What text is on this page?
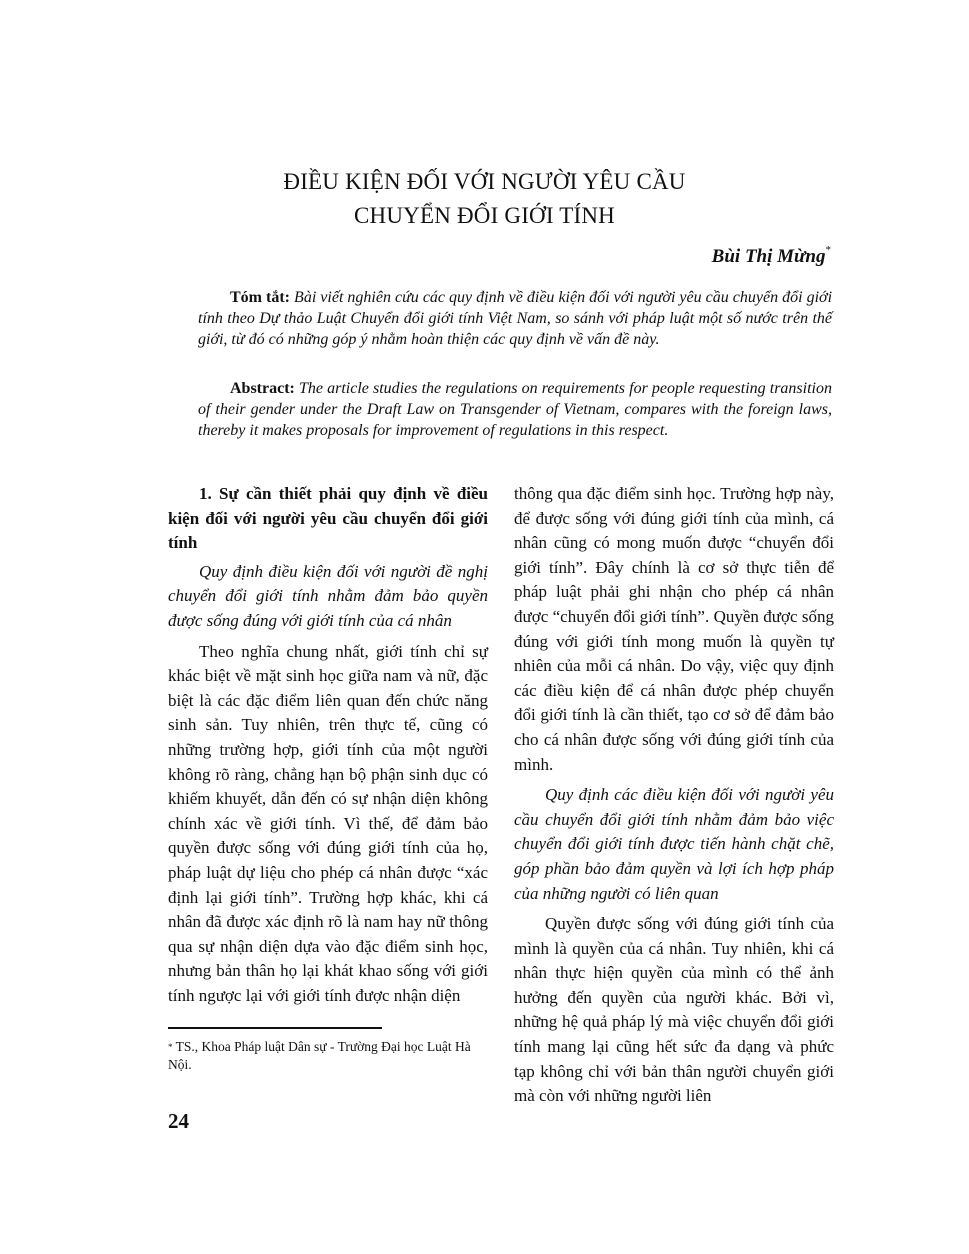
ĐIỀU KIỆN ĐỐI VỚI NGƯỜI YÊU CẦU
CHUYỂN ĐỔI GIỚI TÍNH
Bùi Thị Mừng*

Tóm tắt: Bài viết nghiên cứu các quy định về điều kiện đối với người yêu cầu chuyển đổi giới tính theo Dự thảo Luật Chuyển đổi giới tính Việt Nam, so sánh với pháp luật một số nước trên thế giới, từ đó có những góp ý nhằm hoàn thiện các quy định về vấn đề này.

Abstract: The article studies the regulations on requirements for people requesting transition of their gender under the Draft Law on Transgender of Vietnam, compares with the foreign laws, thereby it makes proposals for improvement of regulations in this respect.

1. Sự cần thiết phải quy định về điều kiện đối với người yêu cầu chuyển đổi giới tính

Quy định điều kiện đối với người đề nghị chuyển đổi giới tính nhằm đảm bảo quyền được sống đúng với giới tính của cá nhân

Theo nghĩa chung nhất, giới tính chỉ sự khác biệt về mặt sinh học giữa nam và nữ, đặc biệt là các đặc điểm liên quan đến chức năng sinh sản. Tuy nhiên, trên thực tế, cũng có những trường hợp, giới tính của một người không rõ ràng, chẳng hạn bộ phận sinh dục có khiếm khuyết, dẫn đến có sự nhận diện không chính xác về giới tính. Vì thế, để đảm bảo quyền được sống với đúng giới tính của họ, pháp luật dự liệu cho phép cá nhân được “xác định lại giới tính”. Trường hợp khác, khi cá nhân đã được xác định rõ là nam hay nữ thông qua sự nhận diện dựa vào đặc điểm sinh học, nhưng bản thân họ lại khát khao sống với giới tính ngược lại với giới tính được nhận diện

thông qua đặc điểm sinh học. Trường hợp này, để được sống với đúng giới tính của mình, cá nhân cũng có mong muốn được “chuyển đổi giới tính”. Đây chính là cơ sở thực tiễn để pháp luật phải ghi nhận cho phép cá nhân được “chuyển đổi giới tính”. Quyền được sống đúng với giới tính mong muốn là quyền tự nhiên của mỗi cá nhân. Do vậy, việc quy định các điều kiện để cá nhân được phép chuyển đổi giới tính là cần thiết, tạo cơ sở để đảm bảo cho cá nhân được sống với đúng giới tính của mình.

Quy định các điều kiện đối với người yêu cầu chuyển đổi giới tính nhằm đảm bảo việc chuyển đổi giới tính được tiến hành chặt chẽ, góp phần bảo đảm quyền và lợi ích hợp pháp của những người có liên quan

Quyền được sống với đúng giới tính của mình là quyền của cá nhân. Tuy nhiên, khi cá nhân thực hiện quyền của mình có thể ảnh hưởng đến quyền của người khác. Bởi vì, những hệ quả pháp lý mà việc chuyển đổi giới tính mang lại cũng hết sức đa dạng và phức tạp không chỉ với bản thân người chuyển giới mà còn với những người liên

* TS., Khoa Pháp luật Dân sự - Trường Đại học Luật Hà Nội.

24
